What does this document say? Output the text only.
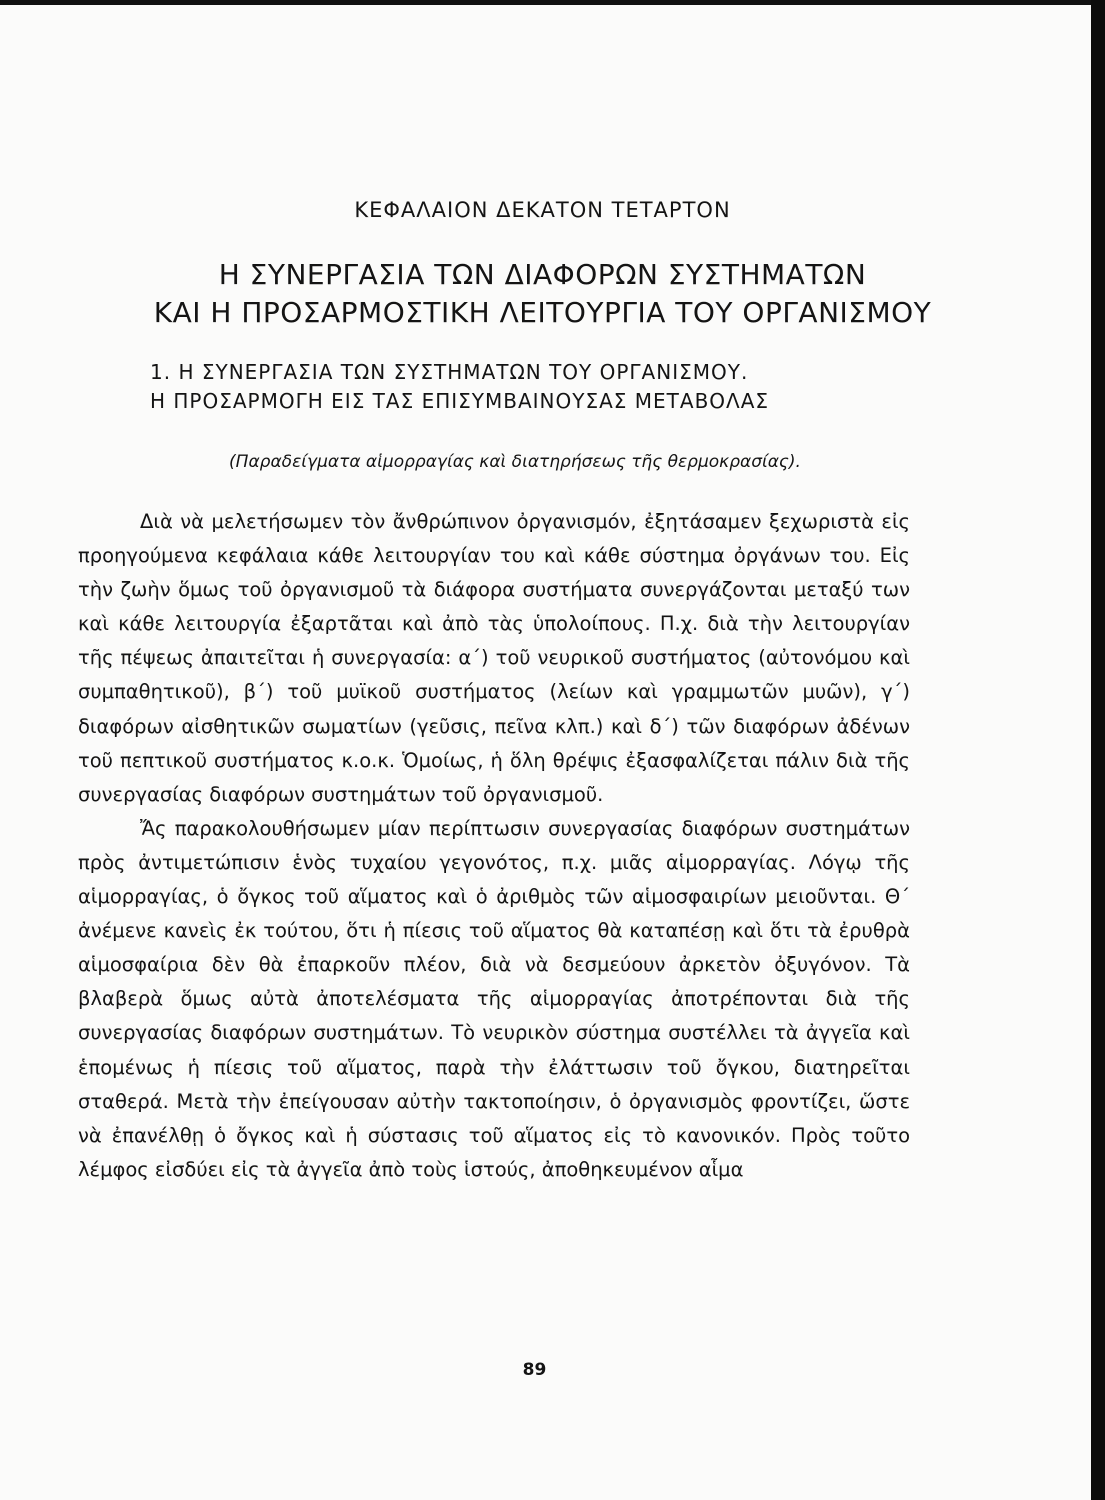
ΚΕΦΑΛΑΙΟΝ ΔΕΚΑΤΟΝ ΤΕΤΑΡΤΟΝ
Η ΣΥΝΕΡΓΑΣΙΑ ΤΩΝ ΔΙΑΦΟΡΩΝ ΣΥΣΤΗΜΑΤΩΝ
ΚΑΙ Η ΠΡΟΣΑΡΜΟΣΤΙΚΗ ΛΕΙΤΟΥΡΓΙΑ ΤΟΥ ΟΡΓΑΝΙΣΜΟΥ
1. Η ΣΥΝΕΡΓΑΣΙΑ ΤΩΝ ΣΥΣΤΗΜΑΤΩΝ ΤΟΥ ΟΡΓΑΝΙΣΜΟΥ.
Η ΠΡΟΣΑΡΜΟΓΗ ΕΙΣ ΤΑΣ ΕΠΙΣΥΜΒΑΙΝΟΥΣΑΣ ΜΕΤΑΒΟΛΑΣ
(Παραδείγματα αἱμορραγίας καὶ διατηρήσεως τῆς θερμοκρασίας).

Διὰ νὰ μελετήσωμεν τὸν ἄνθρώπινον ὀργανισμόν, ἐξητάσαμεν ξεχωριστὰ εἰς προηγούμενα κεφάλαια κάθε λειτουργίαν του καὶ κάθε σύστημα ὀργάνων του. Εἰς τὴν ζωὴν ὅμως τοῦ ὀργανισμοῦ τὰ διάφορα συστήματα συνεργάζονται μεταξύ των καὶ κάθε λειτουργία ἐξαρτᾶται καὶ ἀπὸ τὰς ὑπολοίπους. Π.χ. διὰ τὴν λειτουργίαν τῆς πέψεως ἀπαιτεῖται ἡ συνεργασία: α΄) τοῦ νευρικοῦ συστήματος (αὐτονόμου καὶ συμπαθητικοῦ), β΄) τοῦ μυϊκοῦ συστήματος (λείων καὶ γραμμωτῶν μυῶν), γ΄) διαφόρων αἰσθητικῶν σωματίων (γεῦσις, πεῖνα κλπ.) καὶ δ΄) τῶν διαφόρων ἀδένων τοῦ πεπτικοῦ συστήματος κ.ο.κ. Ὁμοίως, ἡ ὅλη θρέψις ἐξασφαλίζεται πάλιν διὰ τῆς συνεργασίας διαφόρων συστημάτων τοῦ ὀργανισμοῦ.

Ἄς παρακολουθήσωμεν μίαν περίπτωσιν συνεργασίας διαφόρων συστημάτων πρὸς ἀντιμετώπισιν ἑνὸς τυχαίου γεγονότος, π.χ. μιᾶς αἱμορραγίας. Λόγῳ τῆς αἱμορραγίας, ὁ ὄγκος τοῦ αἵματος καὶ ὁ ἀριθμὸς τῶν αἱμοσφαιρίων μειοῦνται. Θ΄ ἀνέμενε κανεὶς ἐκ τούτου, ὅτι ἡ πίεσις τοῦ αἵματος θὰ καταπέσῃ καὶ ὅτι τὰ ἐρυθρὰ αἱμοσφαίρια δὲν θὰ ἐπαρκοῦν πλέον, διὰ νὰ δεσμεύουν ἀρκετὸν ὀξυγόνον. Τὰ βλαβερὰ ὅμως αὐτὰ ἀποτελέσματα τῆς αἱμορραγίας ἀποτρέπονται διὰ τῆς συνεργασίας διαφόρων συστημάτων. Τὸ νευρικὸν σύστημα συστέλλει τὰ ἀγγεῖα καὶ ἑπομένως ἡ πίεσις τοῦ αἵματος, παρὰ τὴν ἐλάττωσιν τοῦ ὄγκου, διατηρεῖται σταθερά. Μετὰ τὴν ἐπείγουσαν αὐτὴν τακτοποίησιν, ὁ ὀργανισμὸς φροντίζει, ὥστε νὰ ἐπανέλθῃ ὁ ὄγκος καὶ ἡ σύστασις τοῦ αἵματος εἰς τὸ κανονικόν. Πρὸς τοῦτο λέμφος εἰσδύει εἰς τὰ ἀγγεῖα ἀπὸ τοὺς ἱστούς, ἀποθηκευμένον αἷμα

89
